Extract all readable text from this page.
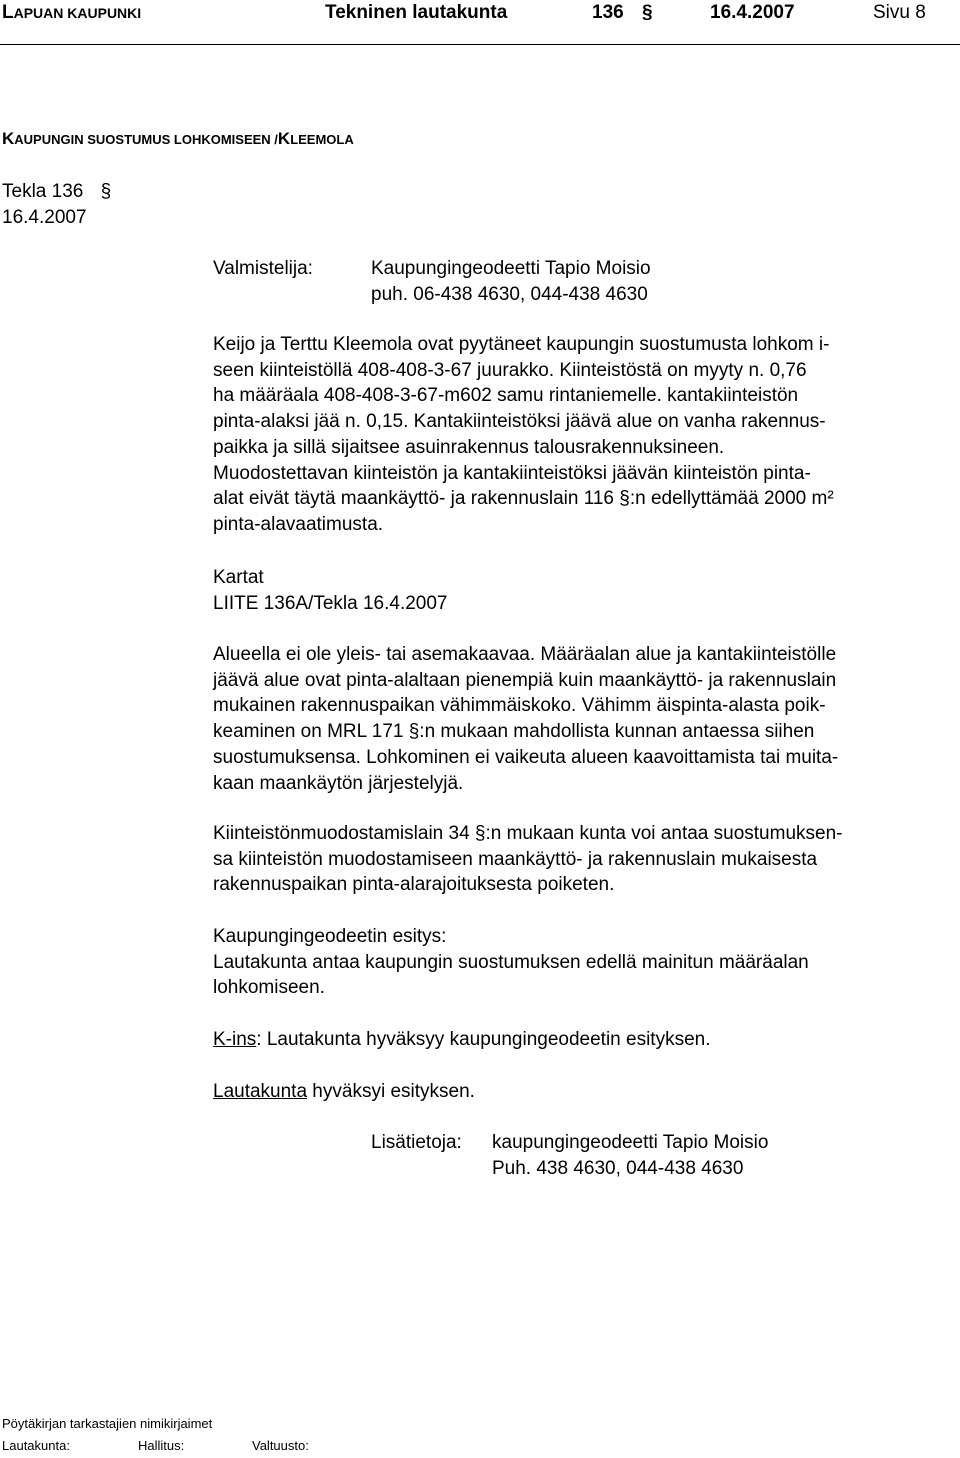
LAPUAN KAUPUNKI	Tekninen lautakunta	136 §	16.4.2007	Sivu 8
KAUPUNGIN SUOSTUMUS LOHKOMISEEN /KLEEMOLA
Tekla 136 §
16.4.2007
Valmistelija:	Kaupungingeodeetti Tapio Moisio
puh. 06-438 4630, 044-438 4630
Keijo ja Terttu Kleemola ovat pyytäneet kaupungin suostumusta lohkom i-
seen kiinteistöllä 408-408-3-67 juurakko. Kiinteistöstä on myyty n. 0,76
ha määräala 408-408-3-67-m602 samu rintaniemelle. kantakiinteistön
pinta-alaksi jää n. 0,15. Kantakiinteistöksi jäävä alue on vanha rakennus-
paikka ja sillä sijaitsee asuinrakennus talousrakennuksineen.
Muodostettavan kiinteistön ja kantakiinteistöksi jäävän kiinteistön pinta-
alat eivät täytä maankäyttö- ja rakennuslain 116 §:n edellyttämää 2000 m²
pinta-alavaatimusta.
Kartat
LIITE 136A/Tekla 16.4.2007
Alueella ei ole yleis- tai asemakaavaa. Määräalan alue ja kantakiinteistölle
jäävä alue ovat pinta-alaltaan pienempiä kuin maankäyttö- ja rakennuslain
mukainen rakennuspaikan vähimmäiskoko. Vähimm äispinta-alasta poik-
keaminen on MRL 171 §:n mukaan mahdollista kunnan antaessa siihen
suostumuksensa. Lohkominen ei vaikeuta alueen kaavoittamista tai muita-
kaan maankäytön järjestelyjä.
Kiinteistönmuodostamislain 34 §:n mukaan kunta voi antaa suostumuksen-
sa kiinteistön muodostamiseen maankäyttö- ja rakennuslain mukaisesta
rakennuspaikan pinta-alarajoituksesta poiketen.
Kaupungingeodeetin esitys:
Lautakunta antaa kaupungin suostumuksen edellä mainitun määräalan
lohkomiseen.
K-ins: Lautakunta hyväksyy kaupungingeodeetin esityksen.
Lautakunta hyväksyi esityksen.
Lisätietoja: kaupungingeodeetti Tapio Moisio
Puh. 438 4630, 044-438 4630
Pöytäkirjan tarkastajien nimikirjaimet
Lautakunta:	Hallitus:	Valtuusto:
